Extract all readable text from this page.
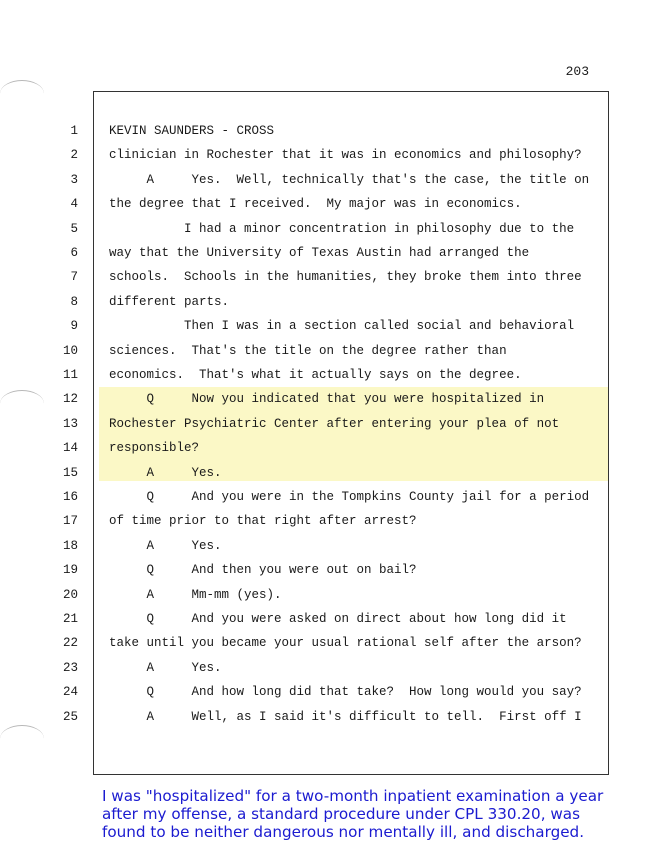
203
1
2
3
4
5
6
7
8
9
10
11
12
13
14
15
16
17
18
19
20
21
22
23
24
25
KEVIN SAUNDERS - CROSS
clinician in Rochester that it was in economics and philosophy?
A     Yes.  Well, technically that's the case, the title on
the degree that I received.  My major was in economics.
I had a minor concentration in philosophy due to the
way that the University of Texas Austin had arranged the
schools.  Schools in the humanities, they broke them into three
different parts.
Then I was in a section called social and behavioral
sciences.  That's the title on the degree rather than
economics.  That's what it actually says on the degree.
Q     Now you indicated that you were hospitalized in
Rochester Psychiatric Center after entering your plea of not
responsible?
A     Yes.
Q     And you were in the Tompkins County jail for a period
of time prior to that right after arrest?
A     Yes.
Q     And then you were out on bail?
A     Mm-mm (yes).
Q     And you were asked on direct about how long did it
take until you became your usual rational self after the arson?
A     Yes.
Q     And how long did that take?  How long would you say?
A     Well, as I said it's difficult to tell.  First off I
I was "hospitalized" for a two-month inpatient examination a year after my offense, a standard procedure under CPL 330.20, was found to be neither dangerous nor mentally ill, and discharged.
